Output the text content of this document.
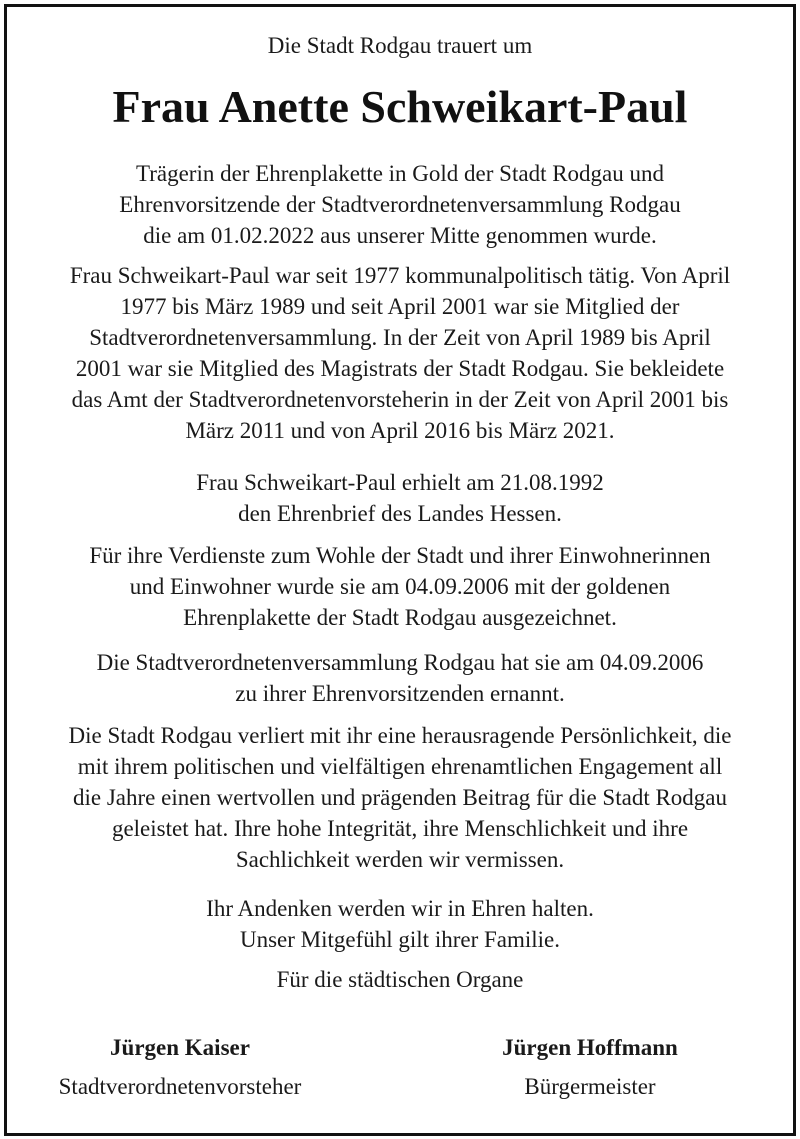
Die Stadt Rodgau trauert um
Frau Anette Schweikart-Paul
Trägerin der Ehrenplakette in Gold der Stadt Rodgau und
Ehrenvorsitzende der Stadtverordnetenversammlung Rodgau
die am 01.02.2022 aus unserer Mitte genommen wurde.
Frau Schweikart-Paul war seit 1977 kommunalpolitisch tätig. Von April
1977 bis März 1989 und seit April 2001 war sie Mitglied der
Stadtverordnetenversammlung. In der Zeit von April 1989 bis April
2001 war sie Mitglied des Magistrats der Stadt Rodgau. Sie bekleidete
das Amt der Stadtverordnetenvorsteherin in der Zeit von April 2001 bis
März 2011 und von April 2016 bis März 2021.
Frau Schweikart-Paul erhielt am 21.08.1992
den Ehrenbrief des Landes Hessen.
Für ihre Verdienste zum Wohle der Stadt und ihrer Einwohnerinnen
und Einwohner wurde sie am 04.09.2006 mit der goldenen
Ehrenplakette der Stadt Rodgau ausgezeichnet.
Die Stadtverordnetenversammlung Rodgau hat sie am 04.09.2006
zu ihrer Ehrenvorsitzenden ernannt.
Die Stadt Rodgau verliert mit ihr eine herausragende Persönlichkeit, die
mit ihrem politischen und vielfältigen ehrenamtlichen Engagement all
die Jahre einen wertvollen und prägenden Beitrag für die Stadt Rodgau
geleistet hat. Ihre hohe Integrität, ihre Menschlichkeit und ihre
Sachlichkeit werden wir vermissen.
Ihr Andenken werden wir in Ehren halten.
Unser Mitgefühl gilt ihrer Familie.
Für die städtischen Organe
Jürgen Kaiser
Stadtverordnetenvorsteher
Jürgen Hoffmann
Bürgermeister
